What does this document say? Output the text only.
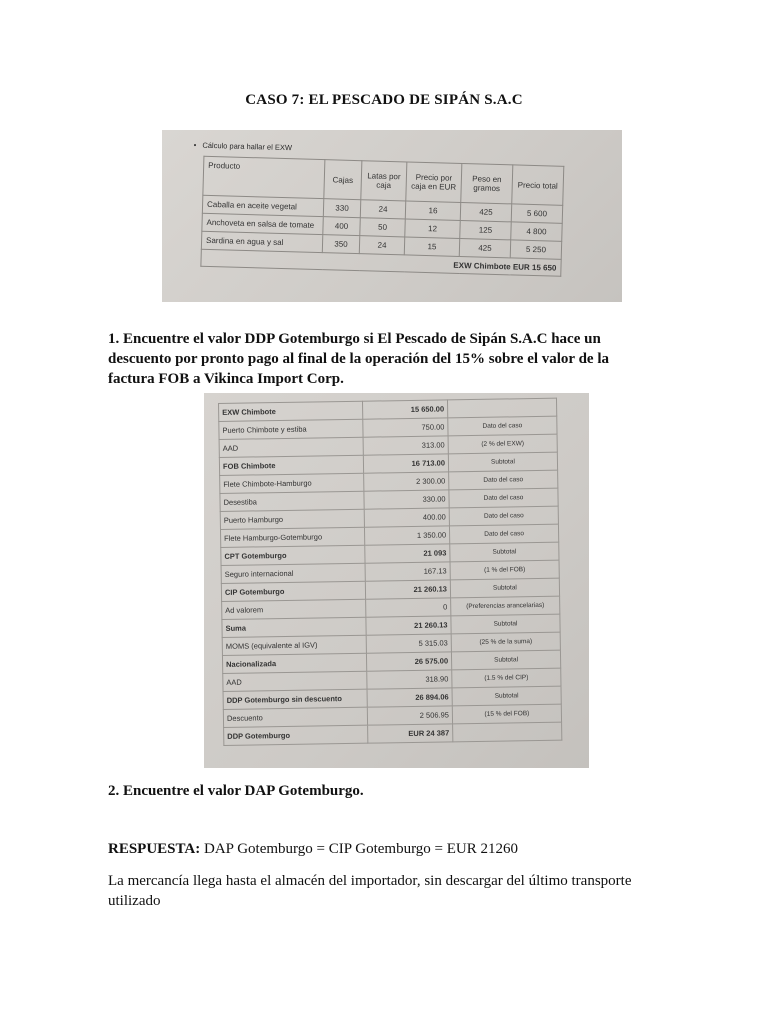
CASO 7: EL PESCADO DE SIPÁN S.A.C
• Cálculo para hallar el EXW
Producto	Cajas	Latas por caja	Precio por caja en EUR	Peso en gramos	Precio total
Caballa en aceite vegetal	330	24	16	425	5 600
Anchoveta en salsa de tomate	400	50	12	125	4 800
Sardina en agua y sal	350	24	15	425	5 250
EXW Chimbote EUR 15 650					
1. Encuentre el valor DDP Gotemburgo si El Pescado de Sipán S.A.C hace un descuento por pronto pago al final de la operación del 15% sobre el valor de la factura FOB a Vikinca Import Corp.
EXW Chimbote	15 650.00	
Puerto Chimbote y estiba	750.00	Dato del caso
AAD	313.00	(2 % del EXW)
FOB Chimbote	16 713.00	Subtotal
Flete Chimbote-Hamburgo	2 300.00	Dato del caso
Desestiba	330.00	Dato del caso
Puerto Hamburgo	400.00	Dato del caso
Flete Hamburgo-Gotemburgo	1 350.00	Dato del caso
CPT Gotemburgo	21 093	Subtotal
Seguro internacional	167.13	(1 % del FOB)
CIP Gotemburgo	21 260.13	Subtotal
Ad valorem	0	(Preferencias arancelarias)
Suma	21 260.13	Subtotal
MOMS (equivalente al IGV)	5 315.03	(25 % de la suma)
Nacionalizada	26 575.00	Subtotal
AAD	318.90	(1.5 % del CIP)
DDP Gotemburgo sin descuento	26 894.06	Subtotal
Descuento	2 506.95	(15 % del FOB)
DDP Gotemburgo	EUR 24 387	
2. Encuentre el valor DAP Gotemburgo.
RESPUESTA: DAP Gotemburgo = CIP Gotemburgo = EUR 21260
La mercancía llega hasta el almacén del importador, sin descargar del último transporte utilizado
